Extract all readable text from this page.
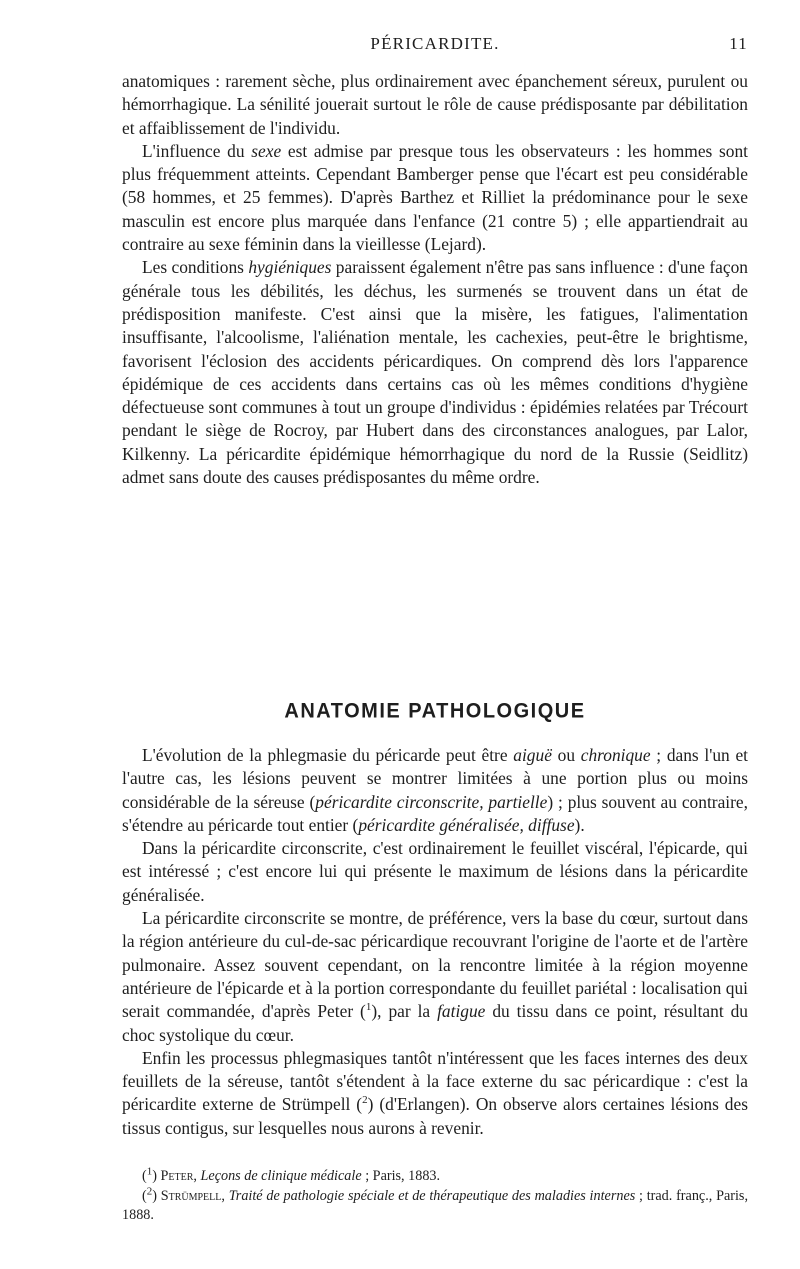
PÉRICARDITE.	11

anatomiques : rarement sèche, plus ordinairement avec épanchement séreux, purulent ou hémorrhagique. La sénilité jouerait surtout le rôle de cause prédisposante par débilitation et affaiblissement de l'individu.

L'influence du sexe est admise par presque tous les observateurs : les hommes sont plus fréquemment atteints. Cependant Bamberger pense que l'écart est peu considérable (58 hommes, et 25 femmes). D'après Barthez et Rilliet la prédominance pour le sexe masculin est encore plus marquée dans l'enfance (21 contre 5) ; elle appartiendrait au contraire au sexe féminin dans la vieillesse (Lejard).

Les conditions hygiéniques paraissent également n'être pas sans influence : d'une façon générale tous les débilités, les déchus, les surmenés se trouvent dans un état de prédisposition manifeste. C'est ainsi que la misère, les fatigues, l'alimentation insuffisante, l'alcoolisme, l'aliénation mentale, les cachexies, peut-être le brightisme, favorisent l'éclosion des accidents péricardiques. On comprend dès lors l'apparence épidémique de ces accidents dans certains cas où les mêmes conditions d'hygiène défectueuse sont communes à tout un groupe d'individus : épidémies relatées par Trécourt pendant le siège de Rocroy, par Hubert dans des circonstances analogues, par Lalor, Kilkenny. La péricardite épidémique hémorrhagique du nord de la Russie (Seidlitz) admet sans doute des causes prédisposantes du même ordre.

ANATOMIE PATHOLOGIQUE

L'évolution de la phlegmasie du péricarde peut être aiguë ou chronique ; dans l'un et l'autre cas, les lésions peuvent se montrer limitées à une portion plus ou moins considérable de la séreuse (péricardite circonscrite, partielle) ; plus souvent au contraire, s'étendre au péricarde tout entier (péricardite généralisée, diffuse).

Dans la péricardite circonscrite, c'est ordinairement le feuillet viscéral, l'épicarde, qui est intéressé ; c'est encore lui qui présente le maximum de lésions dans la péricardite généralisée.

La péricardite circonscrite se montre, de préférence, vers la base du cœur, surtout dans la région antérieure du cul-de-sac péricardique recouvrant l'origine de l'aorte et de l'artère pulmonaire. Assez souvent cependant, on la rencontre limitée à la région moyenne antérieure de l'épicarde et à la portion correspondante du feuillet pariétal : localisation qui serait commandée, d'après Peter ($^1$), par la fatigue du tissu dans ce point, résultant du choc systolique du cœur.

Enfin les processus phlegmasiques tantôt n'intéressent que les faces internes des deux feuillets de la séreuse, tantôt s'étendent à la face externe du sac péricardique : c'est la péricardite externe de Strümpell ($^2$) (d'Erlangen). On observe alors certaines lésions des tissus contigus, sur lesquelles nous aurons à revenir.

($^1$) Peter, Leçons de clinique médicale ; Paris, 1883.

($^2$) Strümpell, Traité de pathologie spéciale et de thérapeutique des maladies internes ; trad. franç., Paris, 1888.
